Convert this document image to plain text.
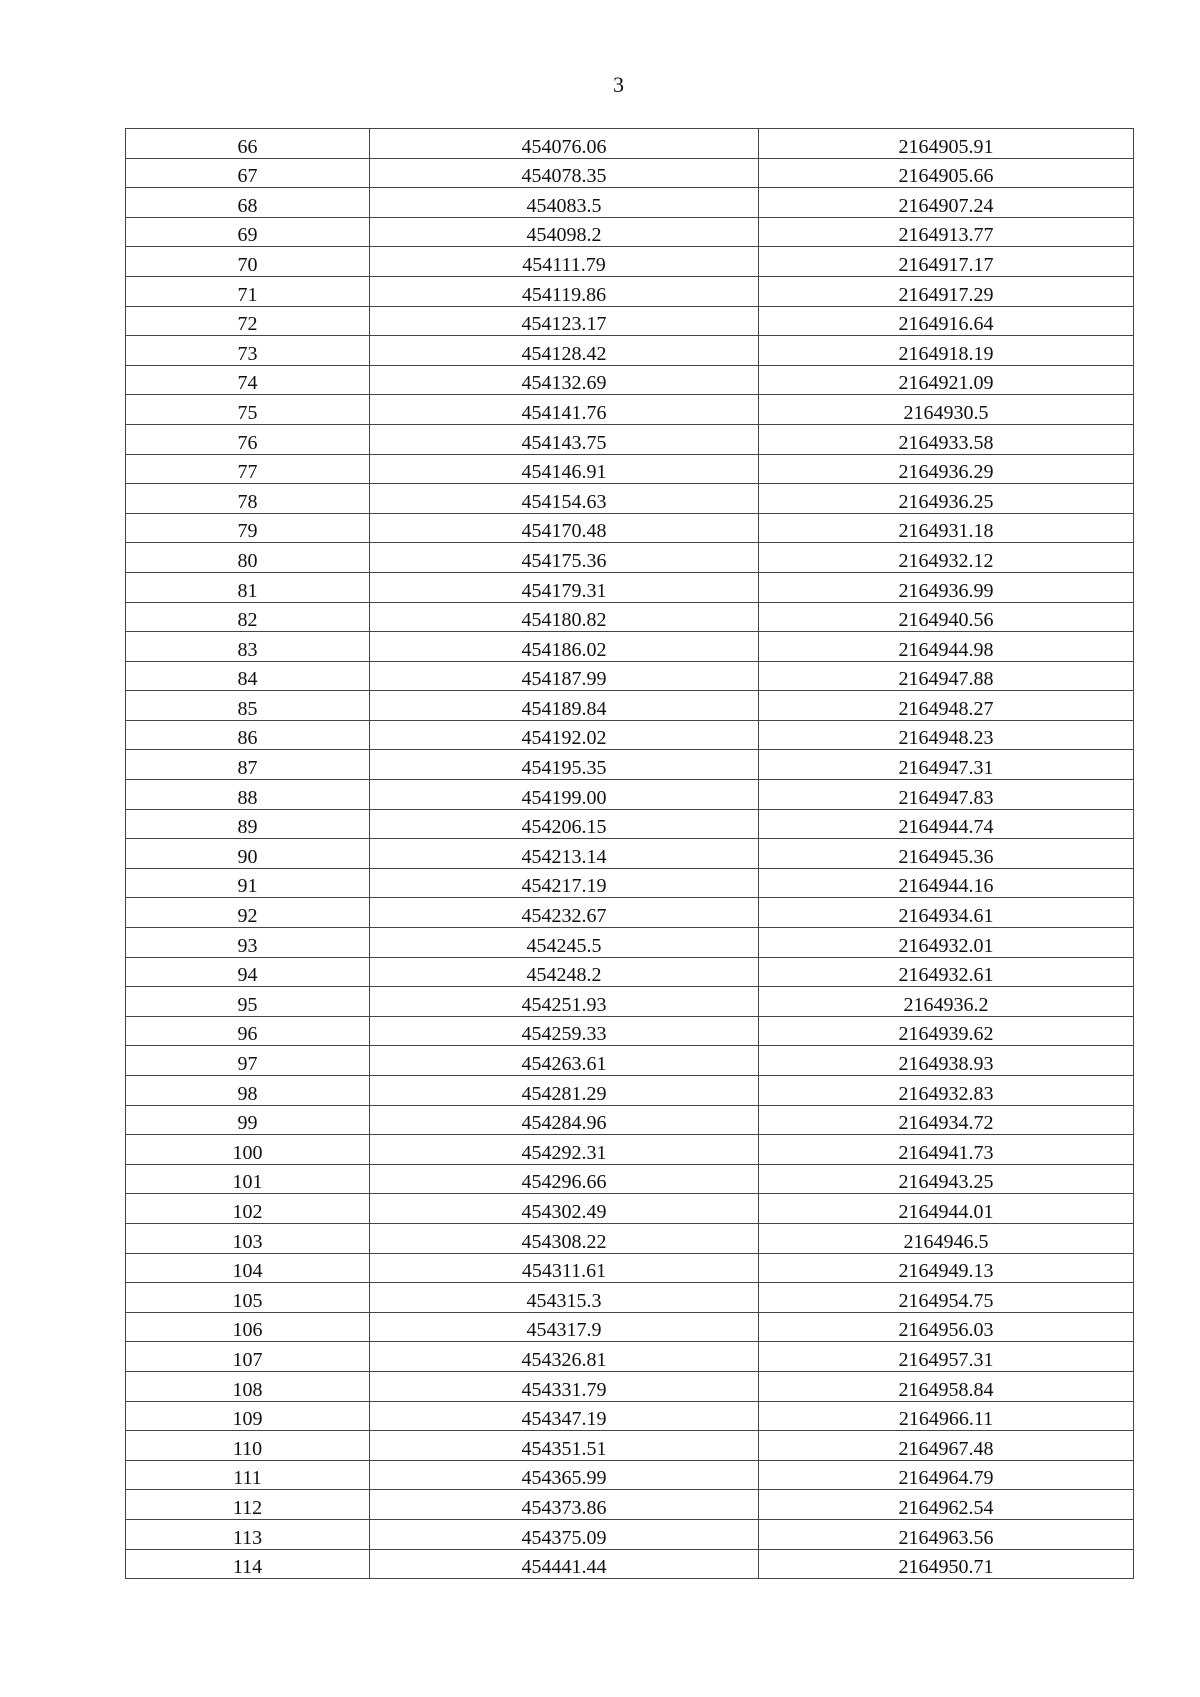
3
66	454076.06	2164905.91
67	454078.35	2164905.66
68	454083.5	2164907.24
69	454098.2	2164913.77
70	454111.79	2164917.17
71	454119.86	2164917.29
72	454123.17	2164916.64
73	454128.42	2164918.19
74	454132.69	2164921.09
75	454141.76	2164930.5
76	454143.75	2164933.58
77	454146.91	2164936.29
78	454154.63	2164936.25
79	454170.48	2164931.18
80	454175.36	2164932.12
81	454179.31	2164936.99
82	454180.82	2164940.56
83	454186.02	2164944.98
84	454187.99	2164947.88
85	454189.84	2164948.27
86	454192.02	2164948.23
87	454195.35	2164947.31
88	454199.00	2164947.83
89	454206.15	2164944.74
90	454213.14	2164945.36
91	454217.19	2164944.16
92	454232.67	2164934.61
93	454245.5	2164932.01
94	454248.2	2164932.61
95	454251.93	2164936.2
96	454259.33	2164939.62
97	454263.61	2164938.93
98	454281.29	2164932.83
99	454284.96	2164934.72
100	454292.31	2164941.73
101	454296.66	2164943.25
102	454302.49	2164944.01
103	454308.22	2164946.5
104	454311.61	2164949.13
105	454315.3	2164954.75
106	454317.9	2164956.03
107	454326.81	2164957.31
108	454331.79	2164958.84
109	454347.19	2164966.11
110	454351.51	2164967.48
111	454365.99	2164964.79
112	454373.86	2164962.54
113	454375.09	2164963.56
114	454441.44	2164950.71
